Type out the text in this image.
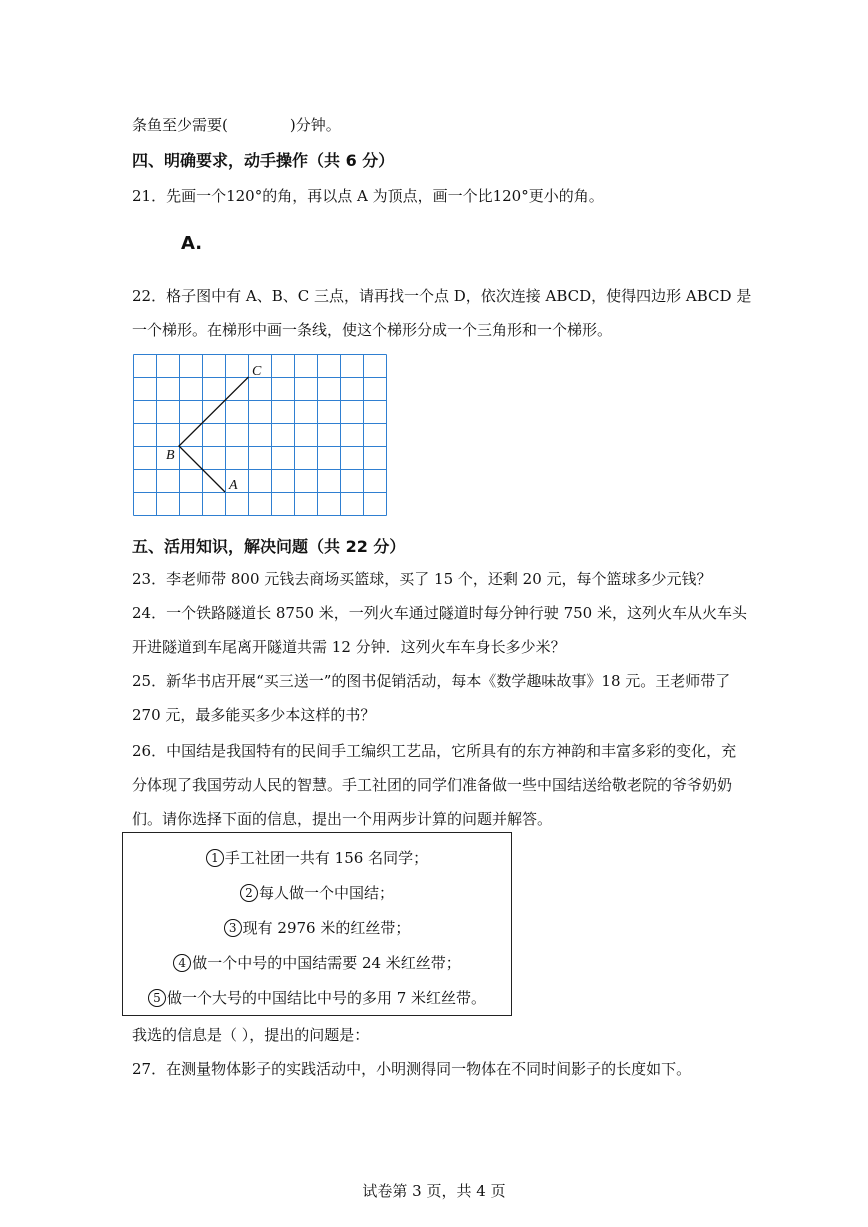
条鱼至少需要(	)分钟。
四、明确要求，动手操作（共 6 分）
21．先画一个120°的角，再以点 A 为顶点，画一个比120°更小的角。
A.
22．格子图中有 A、B、C 三点，请再找一个点 D，依次连接 ABCD，使得四边形 ABCD 是
一个梯形。在梯形中画一条线，使这个梯形分成一个三角形和一个梯形。
C
B
A
五、活用知识，解决问题（共 22 分）
23．李老师带 800 元钱去商场买篮球，买了 15 个，还剩 20 元，每个篮球多少元钱？
24．一个铁路隧道长 8750 米，一列火车通过隧道时每分钟行驶 750 米，这列火车从火车头
开进隧道到车尾离开隧道共需 12 分钟．这列火车车身长多少米？
25．新华书店开展“买三送一”的图书促销活动，每本《数学趣味故事》18 元。王老师带了
270 元，最多能买多少本这样的书？
26．中国结是我国特有的民间手工编织工艺品，它所具有的东方神韵和丰富多彩的变化，充
分体现了我国劳动人民的智慧。手工社团的同学们准备做一些中国结送给敬老院的爷爷奶奶
们。请你选择下面的信息，提出一个用两步计算的问题并解答。
1 手工社团一共有 156 名同学；
2 每人做一个中国结；
3 现有 2976 米的红丝带；
4 做一个中号的中国结需要 24 米红丝带；
5 做一个大号的中国结比中号的多用 7 米红丝带。
我选的信息是（ ），提出的问题是：
27．在测量物体影子的实践活动中，小明测得同一物体在不同时间影子的长度如下。
试卷第 3 页，共 4 页
